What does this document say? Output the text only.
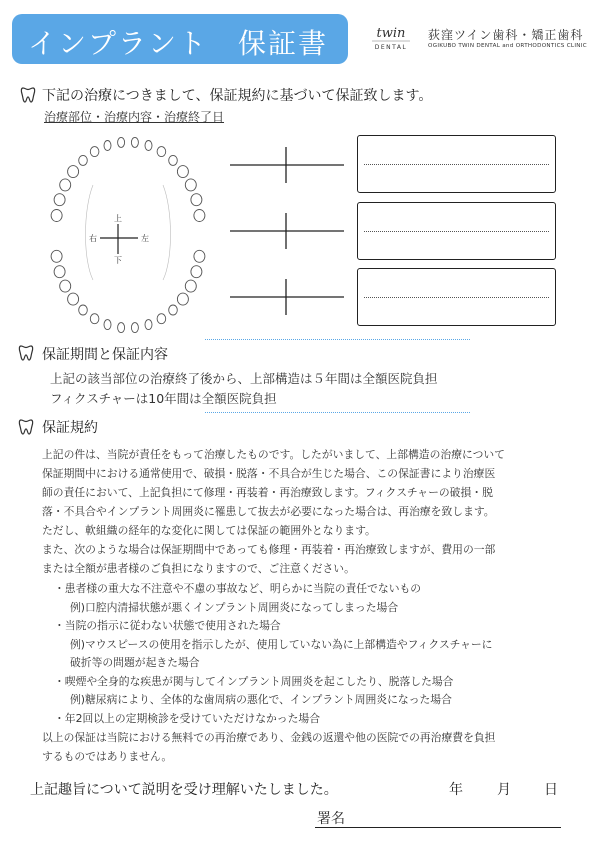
インプラント　保証書	twin
DENTAL
荻窪ツイン歯科・矯正歯科
OGIKUBO TWIN DENTAL and ORTHODONTICS CLINIC
下記の治療につきまして、保証規約に基づいて保証致します。
治療部位・治療内容・治療終了日
上
下
右	左
保証期間と保証内容
上記の該当部位の治療終了後から、上部構造は５年間は全額医院負担
フィクスチャーは10年間は全額医院負担
保証規約
上記の件は、当院が責任をもって治療したものです。したがいまして、上部構造の治療について
保証期間中における通常使用で、破損・脱落・不具合が生じた場合、この保証書により治療医
師の責任において、上記負担にて修理・再装着・再治療致します。フィクスチャーの破損・脱
落・不具合やインプラント周囲炎に罹患して抜去が必要になった場合は、再治療を致します。
ただし、軟組織の経年的な変化に関しては保証の範囲外となります。
また、次のような場合は保証期間中であっても修理・再装着・再治療致しますが、費用の一部
または全額が患者様のご負担になりますので、ご注意ください。
・患者様の重大な不注意や不慮の事故など、明らかに当院の責任でないもの
例)口腔内清掃状態が悪くインプラント周囲炎になってしまった場合
・当院の指示に従わない状態で使用された場合
例)マウスピースの使用を指示したが、使用していない為に上部構造やフィクスチャーに
破折等の問題が起きた場合
・喫煙や全身的な疾患が関与してインプラント周囲炎を起こしたり、脱落した場合
例)糖尿病により、全体的な歯周病の悪化で、インプラント周囲炎になった場合
・年2回以上の定期検診を受けていただけなかった場合
以上の保証は当院における無料での再治療であり、金銭の返還や他の医院での再治療費を負担
するものではありません。
上記趣旨について説明を受け理解いたしました。	年 月 日
署名
